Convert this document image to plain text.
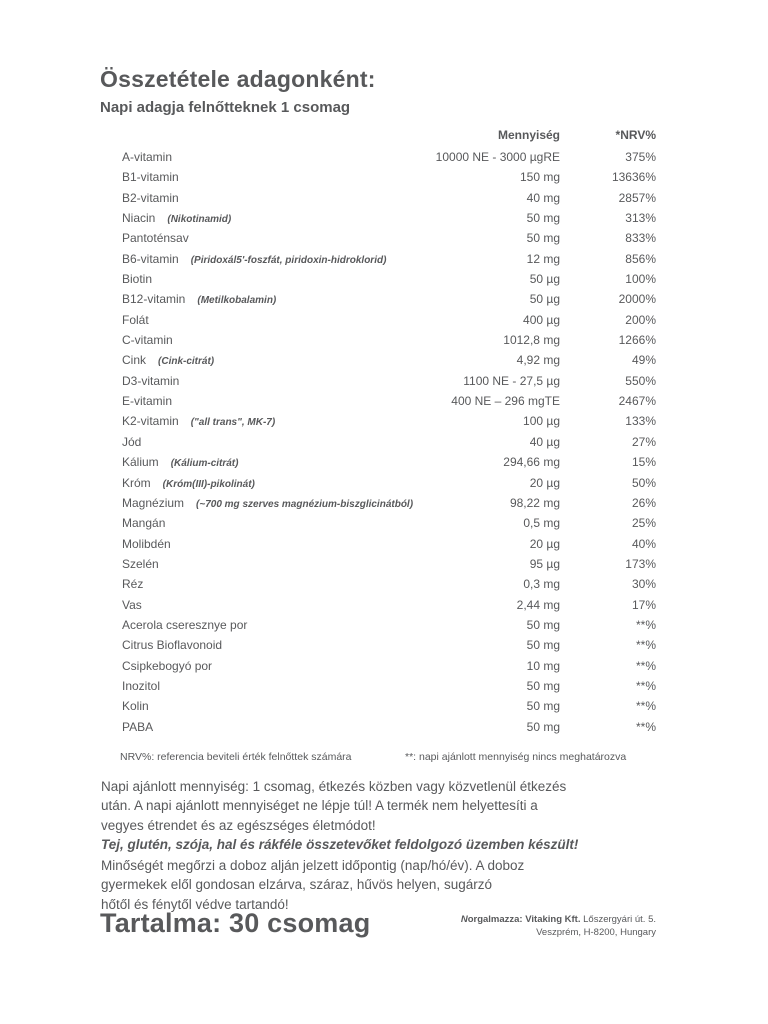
Összetétele adagonként:
Napi adagja felnőtteknek 1 csomag
Mennyiség	*NRV%
A-vitamin	10000 NE - 3000 µgRE	375%
B1-vitamin	150 mg	13636%
B2-vitamin	40 mg	2857%
Niacin (Nikotinamid)	50 mg	313%
Pantoténsav	50 mg	833%
B6-vitamin (Piridoxál5'-foszfát, piridoxin-hidroklorid)	12 mg	856%
Biotin	50 µg	100%
B12-vitamin (Metilkobalamin)	50 µg	2000%
Folát	400 µg	200%
C-vitamin	1012,8 mg	1266%
Cink (Cink-citrát)	4,92 mg	49%
D3-vitamin	1100 NE - 27,5 µg	550%
E-vitamin	400 NE – 296 mgTE	2467%
K2-vitamin ("all trans", MK-7)	100 µg	133%
Jód	40 µg	27%
Kálium (Kálium-citrát)	294,66 mg	15%
Króm (Króm(III)-pikolinát)	20 µg	50%
Magnézium (~700 mg szerves magnézium-biszglicinátból)	98,22 mg	26%
Mangán	0,5 mg	25%
Molibdén	20 µg	40%
Szelén	95 µg	173%
Réz	0,3 mg	30%
Vas	2,44 mg	17%
Acerola cseresznye por	50 mg	**%
Citrus Bioflavonoid	50 mg	**%
Csipkebogyó por	10 mg	**%
Inozitol	50 mg	**%
Kolin	50 mg	**%
PABA	50 mg	**%
NRV%: referencia beviteli érték felnőttek számára	**: napi ajánlott mennyiség nincs meghatározva
Napi ajánlott mennyiség: 1 csomag, étkezés közben vagy közvetlenül étkezés
után. A napi ajánlott mennyiséget ne lépje túl! A termék nem helyettesíti a
vegyes étrendet és az egészséges életmódot!
Tej, glutén, szója, hal és rákféle összetevőket feldolgozó üzemben készült!
Minőségét megőrzi a doboz alján jelzett időpontig (nap/hó/év). A doboz
gyermekek elől gondosan elzárva, száraz, hűvös helyen, sugárzó
hőtől és fénytől védve tartandó!
Tartalma: 30 csomag	Norgalmazza: Vitaking Kft. Lőszergyári út. 5.
Veszprém, H-8200, Hungary
